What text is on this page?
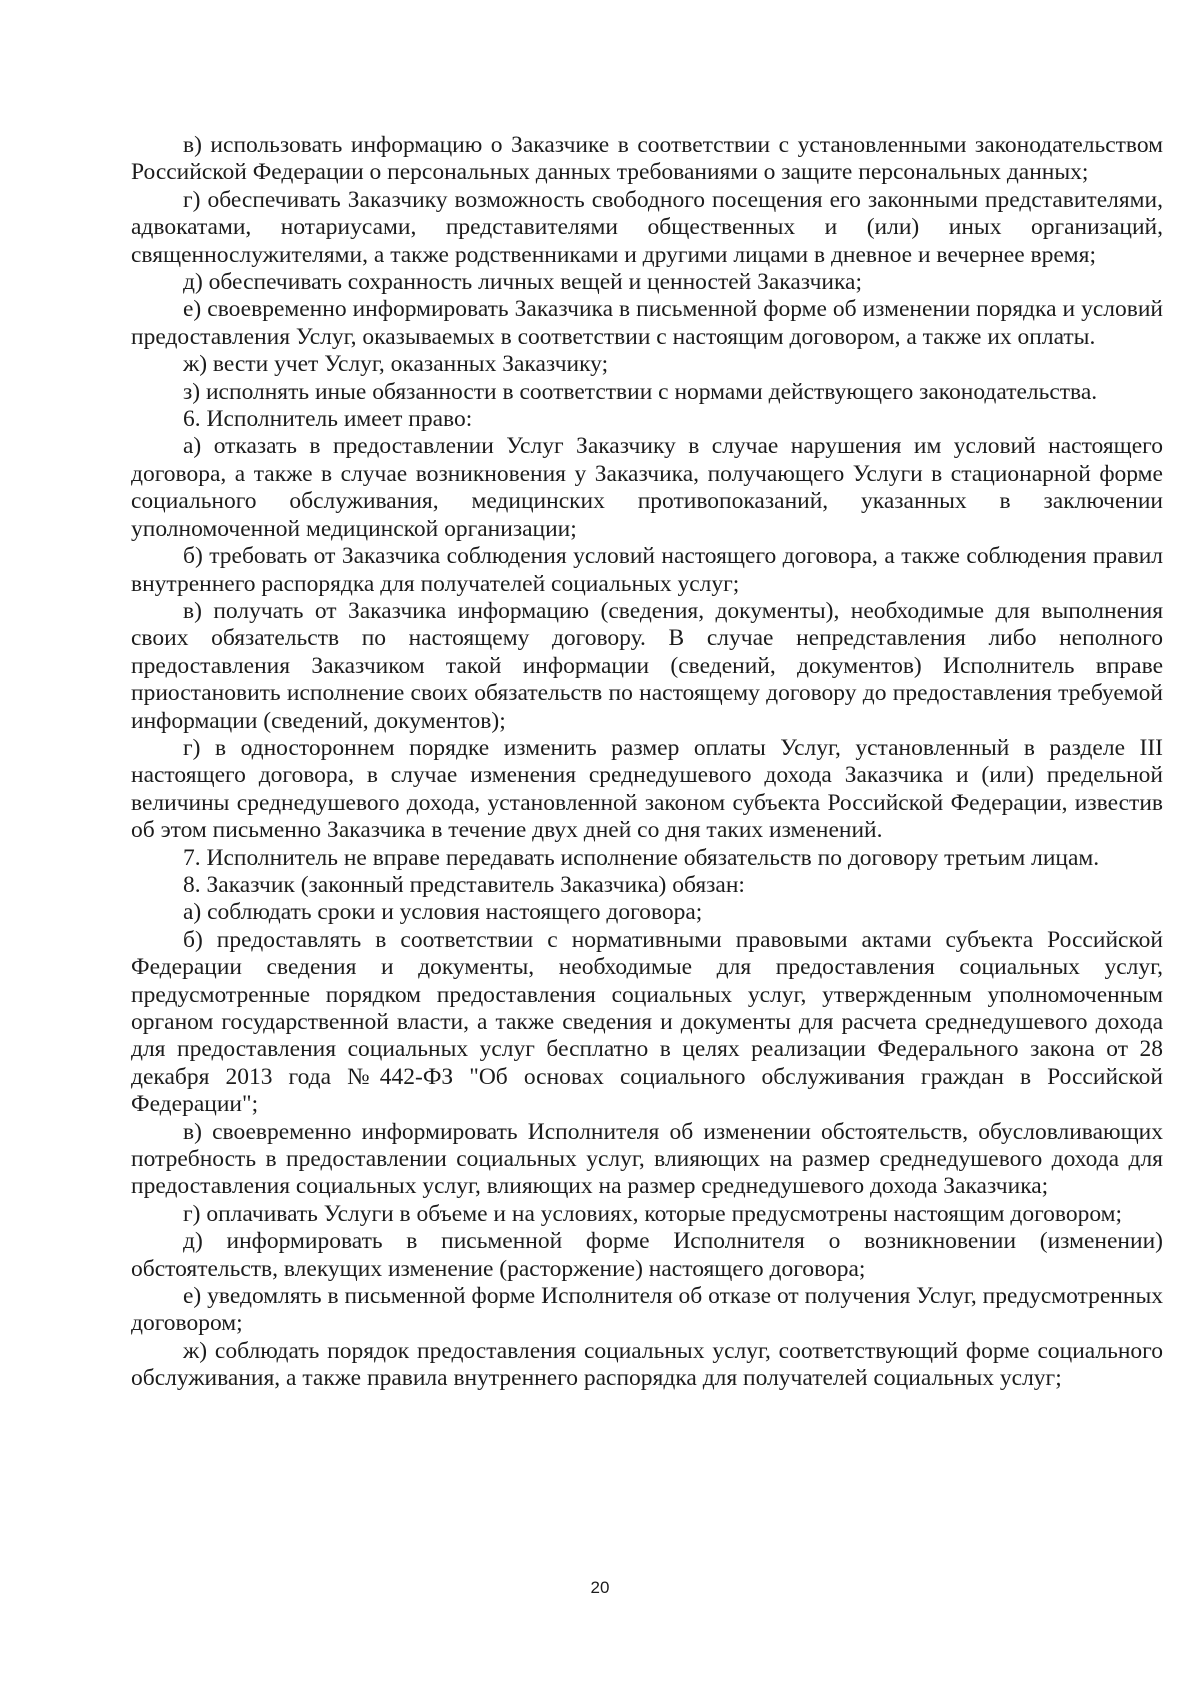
в) использовать информацию о Заказчике в соответствии с установленными законодательством Российской Федерации о персональных данных требованиями о защите персональных данных;

г) обеспечивать Заказчику возможность свободного посещения его законными представителями, адвокатами, нотариусами, представителями общественных и (или) иных организаций, священнослужителями, а также родственниками и другими лицами в дневное и вечернее время;

д) обеспечивать сохранность личных вещей и ценностей Заказчика;

е) своевременно информировать Заказчика в письменной форме об изменении порядка и условий предоставления Услуг, оказываемых в соответствии с настоящим договором, а также их оплаты.

ж) вести учет Услуг, оказанных Заказчику;

з) исполнять иные обязанности в соответствии с нормами действующего законодательства.

6. Исполнитель имеет право:

а) отказать в предоставлении Услуг Заказчику в случае нарушения им условий настоящего договора, а также в случае возникновения у Заказчика, получающего Услуги в стационарной форме социального обслуживания, медицинских противопоказаний, указанных в заключении уполномоченной медицинской организации;

б) требовать от Заказчика соблюдения условий настоящего договора, а также соблюдения правил внутреннего распорядка для получателей социальных услуг;

в) получать от Заказчика информацию (сведения, документы), необходимые для выполнения своих обязательств по настоящему договору. В случае непредставления либо неполного предоставления Заказчиком такой информации (сведений, документов) Исполнитель вправе приостановить исполнение своих обязательств по настоящему договору до предоставления требуемой информации (сведений, документов);

г) в одностороннем порядке изменить размер оплаты Услуг, установленный в разделе III настоящего договора, в случае изменения среднедушевого дохода Заказчика и (или) предельной величины среднедушевого дохода, установленной законом субъекта Российской Федерации, известив об этом письменно Заказчика в течение двух дней со дня таких изменений.

7. Исполнитель не вправе передавать исполнение обязательств по договору третьим лицам.

8. Заказчик (законный представитель Заказчика) обязан:

а) соблюдать сроки и условия настоящего договора;

б) предоставлять в соответствии с нормативными правовыми актами субъекта Российской Федерации сведения и документы, необходимые для предоставления социальных услуг, предусмотренные порядком предоставления социальных услуг, утвержденным уполномоченным органом государственной власти, а также сведения и документы для расчета среднедушевого дохода для предоставления социальных услуг бесплатно в целях реализации Федерального закона от 28 декабря 2013 года №442-ФЗ "Об основах социального обслуживания граждан в Российской Федерации";

в) своевременно информировать Исполнителя об изменении обстоятельств, обусловливающих потребность в предоставлении социальных услуг, влияющих на размер среднедушевого дохода для предоставления социальных услуг, влияющих на размер среднедушевого дохода Заказчика;

г) оплачивать Услуги в объеме и на условиях, которые предусмотрены настоящим договором;

д) информировать в письменной форме Исполнителя о возникновении (изменении) обстоятельств, влекущих изменение (расторжение) настоящего договора;

е) уведомлять в письменной форме Исполнителя об отказе от получения Услуг, предусмотренных договором;

ж) соблюдать порядок предоставления социальных услуг, соответствующий форме социального обслуживания, а также правила внутреннего распорядка для получателей социальных услуг;

20
